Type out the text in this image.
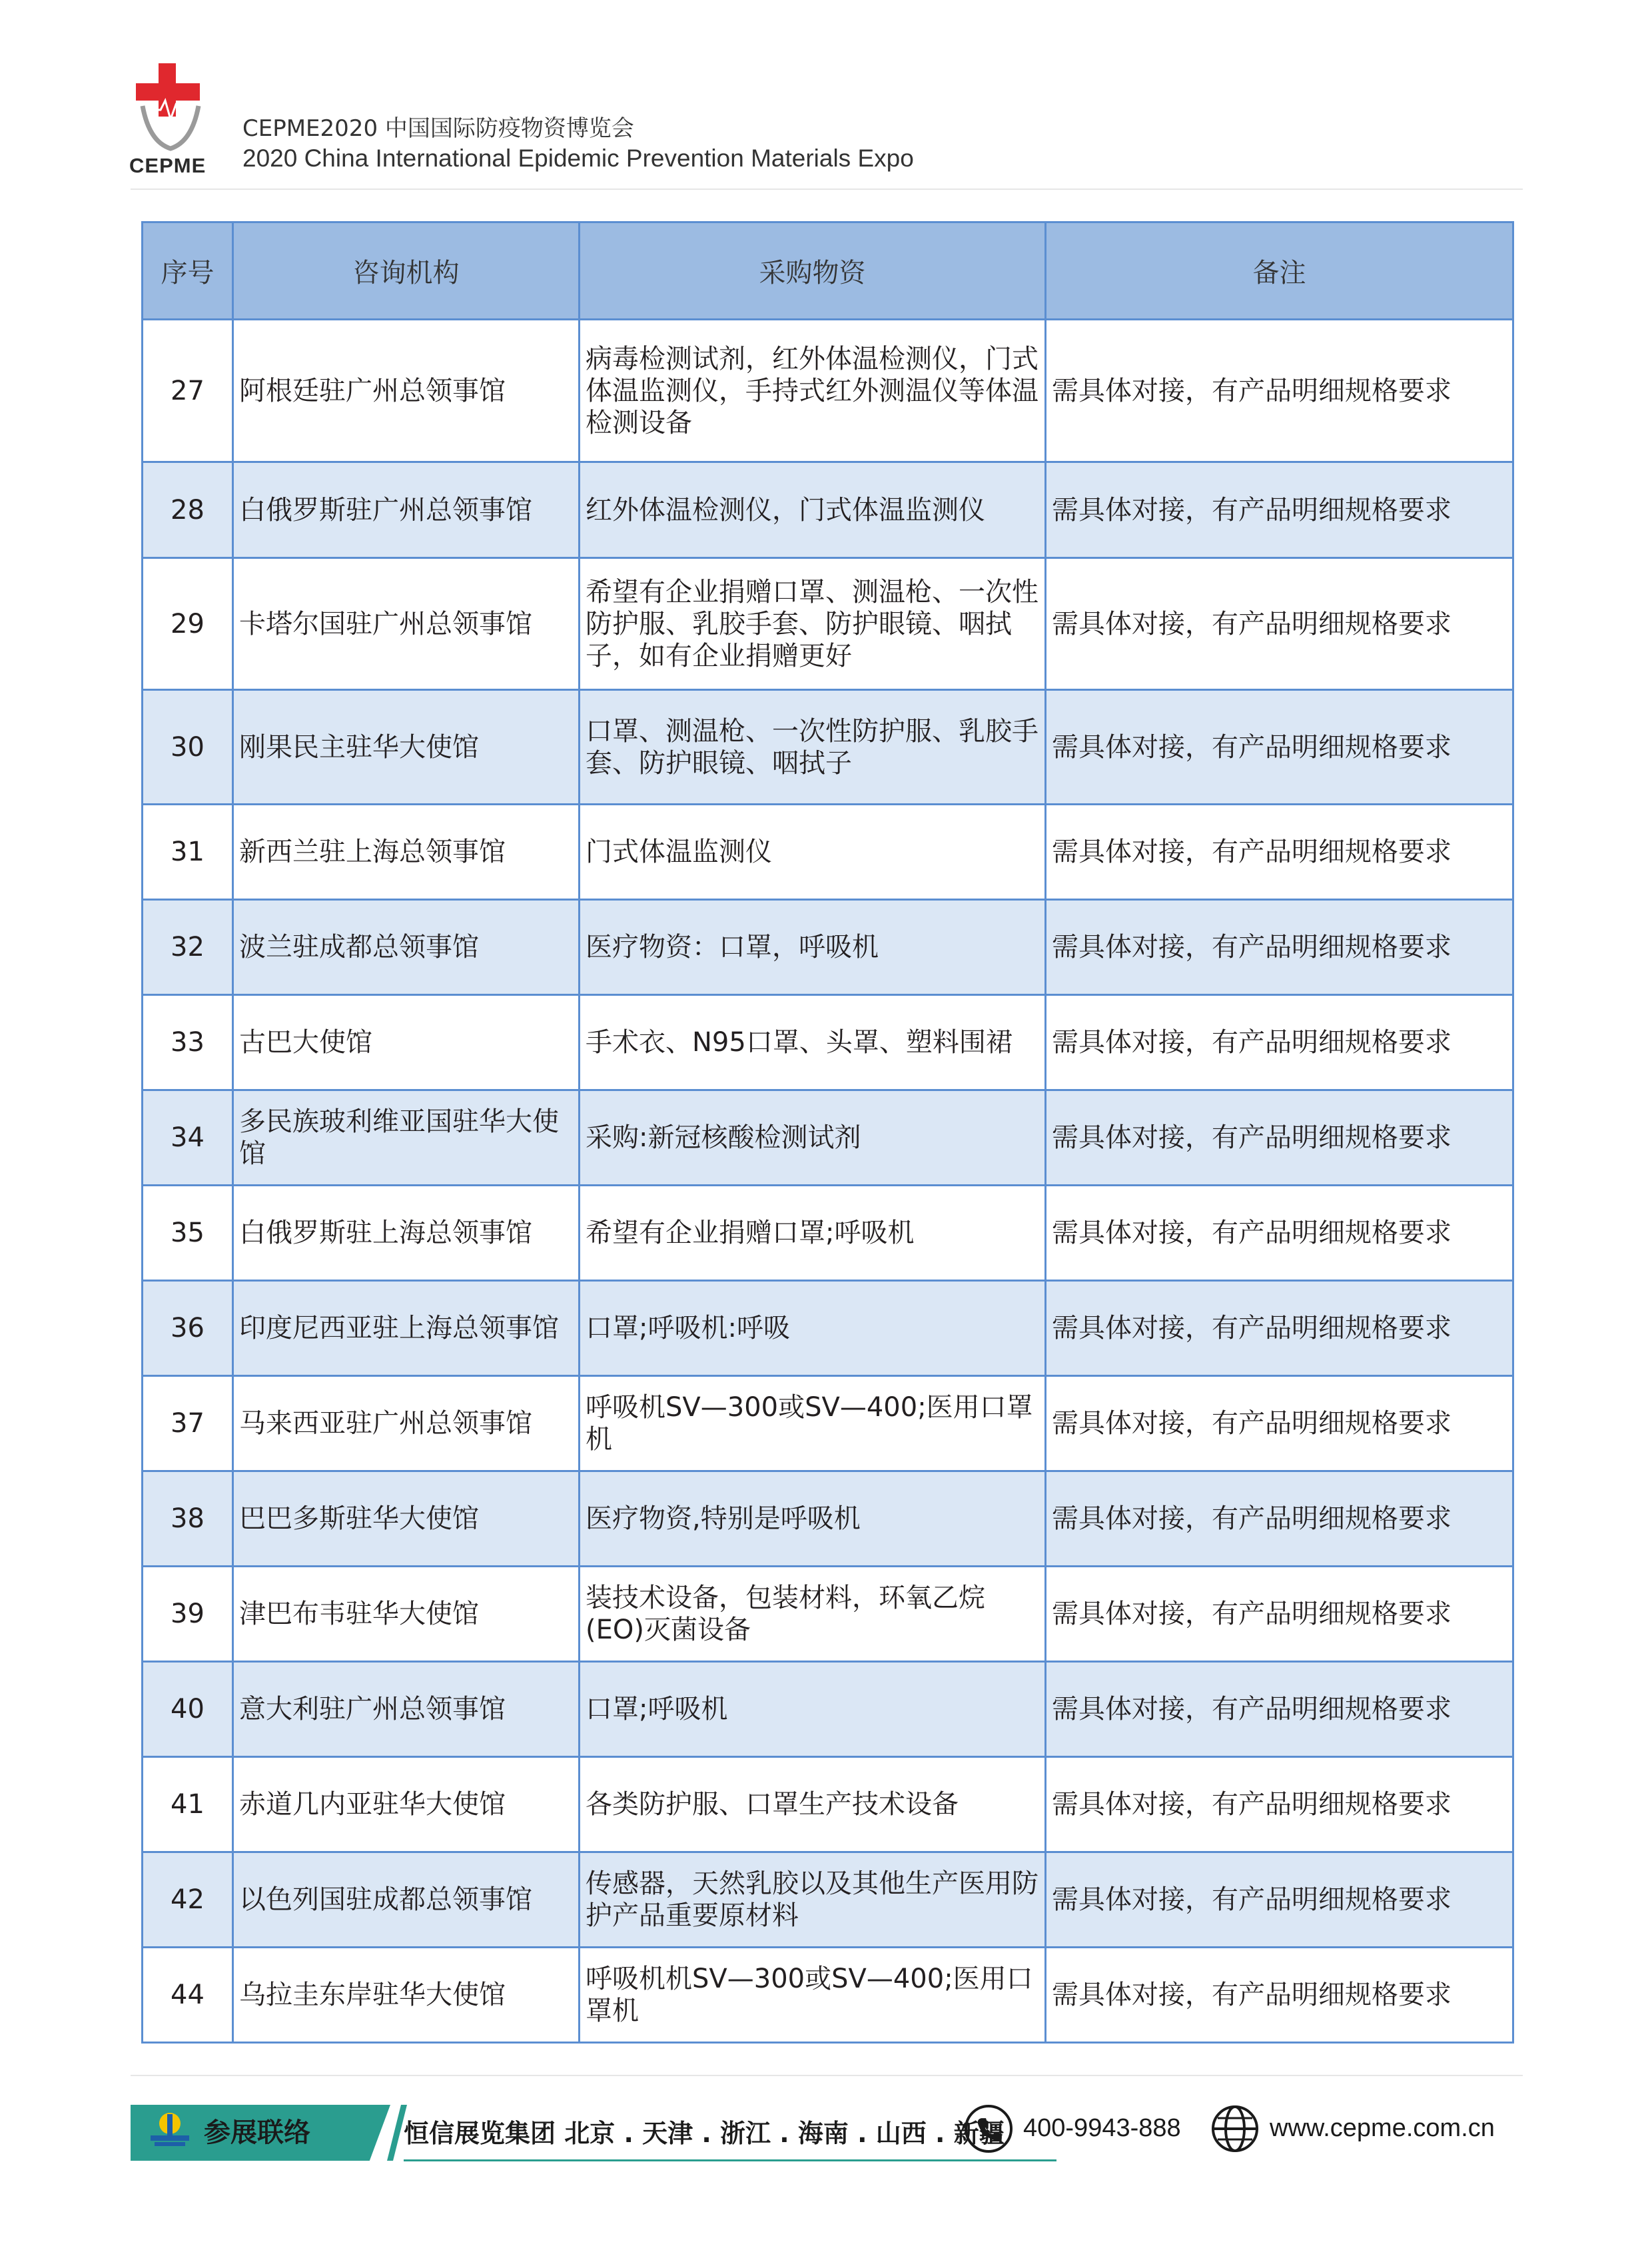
CEPME
CEPME2020 中国国际防疫物资博览会
2020 China International Epidemic Prevention Materials Expo
序号	咨询机构	采购物资	备注
27	阿根廷驻广州总领事馆	病毒检测试剂，红外体温检测仪，门式体温监测仪，手持式红外测温仪等体温检测设备	需具体对接，有产品明细规格要求
28	白俄罗斯驻广州总领事馆	红外体温检测仪，门式体温监测仪	需具体对接，有产品明细规格要求
29	卡塔尔国驻广州总领事馆	希望有企业捐赠口罩、测温枪、一次性防护服、乳胶手套、防护眼镜、咽拭子，如有企业捐赠更好	需具体对接，有产品明细规格要求
30	刚果民主驻华大使馆	口罩、测温枪、一次性防护服、乳胶手套、防护眼镜、咽拭子	需具体对接，有产品明细规格要求
31	新西兰驻上海总领事馆	门式体温监测仪	需具体对接，有产品明细规格要求
32	波兰驻成都总领事馆	医疗物资：口罩，呼吸机	需具体对接，有产品明细规格要求
33	古巴大使馆	手术衣、N95口罩、头罩、塑料围裙	需具体对接，有产品明细规格要求
34	多民族玻利维亚国驻华大使馆	采购:新冠核酸检测试剂	需具体对接，有产品明细规格要求
35	白俄罗斯驻上海总领事馆	希望有企业捐赠口罩;呼吸机	需具体对接，有产品明细规格要求
36	印度尼西亚驻上海总领事馆	口罩;呼吸机:呼吸	需具体对接，有产品明细规格要求
37	马来西亚驻广州总领事馆	呼吸机SV—300或SV—400;医用口罩机	需具体对接，有产品明细规格要求
38	巴巴多斯驻华大使馆	医疗物资,特别是呼吸机	需具体对接，有产品明细规格要求
39	津巴布韦驻华大使馆	装技术设备，包装材料，环氧乙烷(EO)灭菌设备	需具体对接，有产品明细规格要求
40	意大利驻广州总领事馆	口罩;呼吸机	需具体对接，有产品明细规格要求
41	赤道几内亚驻华大使馆	各类防护服、口罩生产技术设备	需具体对接，有产品明细规格要求
42	以色列国驻成都总领事馆	传感器，天然乳胶以及其他生产医用防护产品重要原材料	需具体对接，有产品明细规格要求
44	乌拉圭东岸驻华大使馆	呼吸机机SV—300或SV—400;医用口罩机	需具体对接，有产品明细规格要求
参展联络	恒信展览集团 北京 . 天津 . 浙江 . 海南 . 山西 . 新疆 400-9943-888	www.cepme.com.cn
